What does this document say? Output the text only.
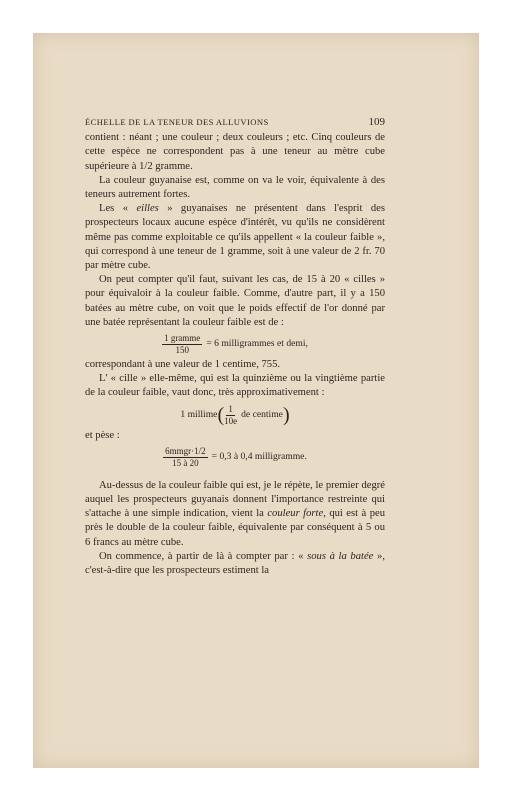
ÉCHELLE DE LA TENEUR DES ALLUVIONS	109

contient : néant ; une couleur ; deux couleurs ; etc. Cinq couleurs de cette espèce ne correspondent pas à une teneur au mètre cube supérieure à 1/2 gramme.

La couleur guyanaise est, comme on va le voir, équivalente à des teneurs autrement fortes.

Les « eilles » guyanaises ne présentent dans l'esprit des prospecteurs locaux aucune espèce d'intérêt, vu qu'ils ne considèrent même pas comme exploitable ce qu'ils appellent « la couleur faible », qui correspond à une teneur de 1 gramme, soit à une valeur de 2 fr. 70 par mètre cube.

On peut compter qu'il faut, suivant les cas, de 15 à 20 « cilles » pour équivaloir à la couleur faible. Comme, d'autre part, il y a 150 batées au mètre cube, on voit que le poids effectif de l'or donné par une batée représentant la couleur faible est de :

$\frac{\text{1 gramme}}{150} = 6$ milligrammes et demi,

correspondant à une valeur de 1 centime, 755.

L' « cille » elle-même, qui est la quinzième ou la vingtième partie de la couleur faible, vaut donc, très approximativement :

1 millime ( $\frac{1}{10e}$ de centime )

et pèse :

$\frac{\text{6mmgr·1/2}}{15 à 20} = 0,3$ à 0,4 milligramme.

Au-dessus de la couleur faible qui est, je le répète, le premier degré auquel les prospecteurs guyanais donnent l'importance restreinte qui s'attache à une simple indication, vient la couleur forte, qui est à peu près le double de la couleur faible, équivalente par conséquent à 5 ou 6 francs au mètre cube.

On commence, à partir de là à compter par : « sous à la batée », c'est-à-dire que les prospecteurs estiment la
